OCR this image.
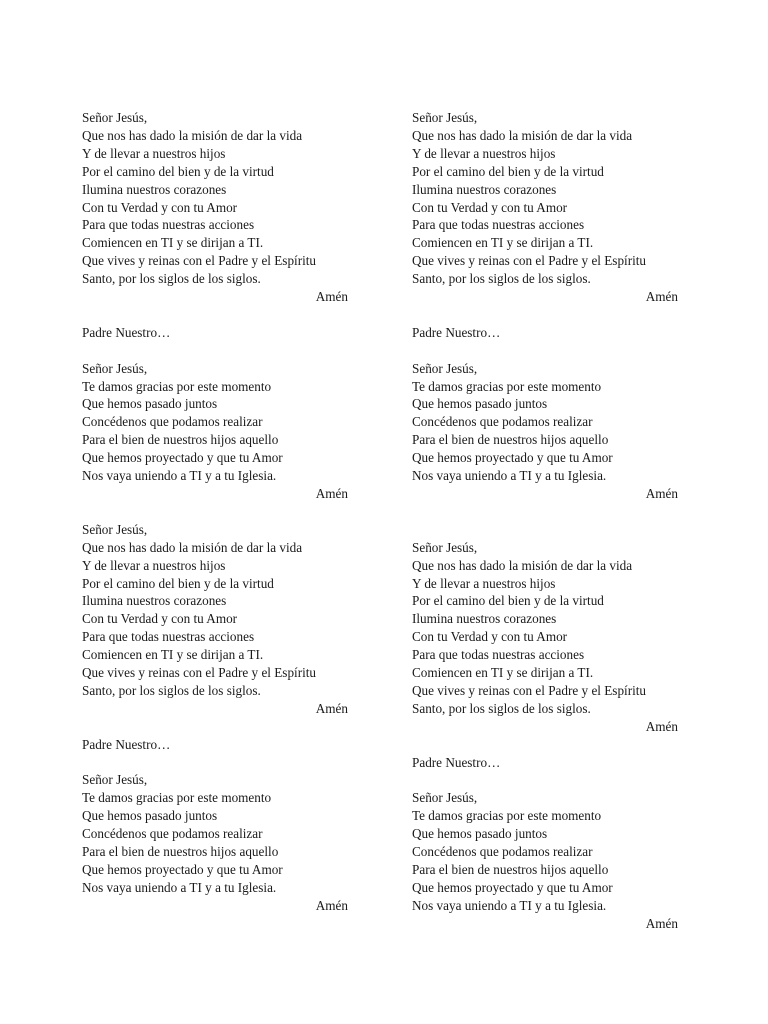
Señor Jesús,
Que nos has dado la misión de dar la vida
Y de llevar a nuestros hijos
Por el camino del bien y de la virtud
Ilumina nuestros corazones
Con tu Verdad y con tu Amor
Para que todas nuestras acciones
Comiencen en TI y se dirijan a TI.
Que vives y reinas con el Padre y el Espíritu
Santo, por los siglos de los siglos.
Amén
Padre Nuestro…
Señor Jesús,
Te damos gracias por este momento
Que hemos pasado juntos
Concédenos que podamos realizar
Para el bien de nuestros hijos aquello
Que hemos proyectado y que tu Amor
Nos vaya uniendo a TI y a tu Iglesia.
Amén
Señor Jesús,
Que nos has dado la misión de dar la vida
Y de llevar a nuestros hijos
Por el camino del bien y de la virtud
Ilumina nuestros corazones
Con tu Verdad y con tu Amor
Para que todas nuestras acciones
Comiencen en TI y se dirijan a TI.
Que vives y reinas con el Padre y el Espíritu
Santo, por los siglos de los siglos.
Amén
Padre Nuestro…
Señor Jesús,
Te damos gracias por este momento
Que hemos pasado juntos
Concédenos que podamos realizar
Para el bien de nuestros hijos aquello
Que hemos proyectado y que tu Amor
Nos vaya uniendo a TI y a tu Iglesia.
Amén
Señor Jesús,
Que nos has dado la misión de dar la vida
Y de llevar a nuestros hijos
Por el camino del bien y de la virtud
Ilumina nuestros corazones
Con tu Verdad y con tu Amor
Para que todas nuestras acciones
Comiencen en TI y se dirijan a TI.
Que vives y reinas con el Padre y el Espíritu
Santo, por los siglos de los siglos.
Amén
Padre Nuestro…
Señor Jesús,
Te damos gracias por este momento
Que hemos pasado juntos
Concédenos que podamos realizar
Para el bien de nuestros hijos aquello
Que hemos proyectado y que tu Amor
Nos vaya uniendo a TI y a tu Iglesia.
Amén
Señor Jesús,
Que nos has dado la misión de dar la vida
Y de llevar a nuestros hijos
Por el camino del bien y de la virtud
Ilumina nuestros corazones
Con tu Verdad y con tu Amor
Para que todas nuestras acciones
Comiencen en TI y se dirijan a TI.
Que vives y reinas con el Padre y el Espíritu
Santo, por los siglos de los siglos.
Amén
Padre Nuestro…
Señor Jesús,
Te damos gracias por este momento
Que hemos pasado juntos
Concédenos que podamos realizar
Para el bien de nuestros hijos aquello
Que hemos proyectado y que tu Amor
Nos vaya uniendo a TI y a tu Iglesia.
Amén
